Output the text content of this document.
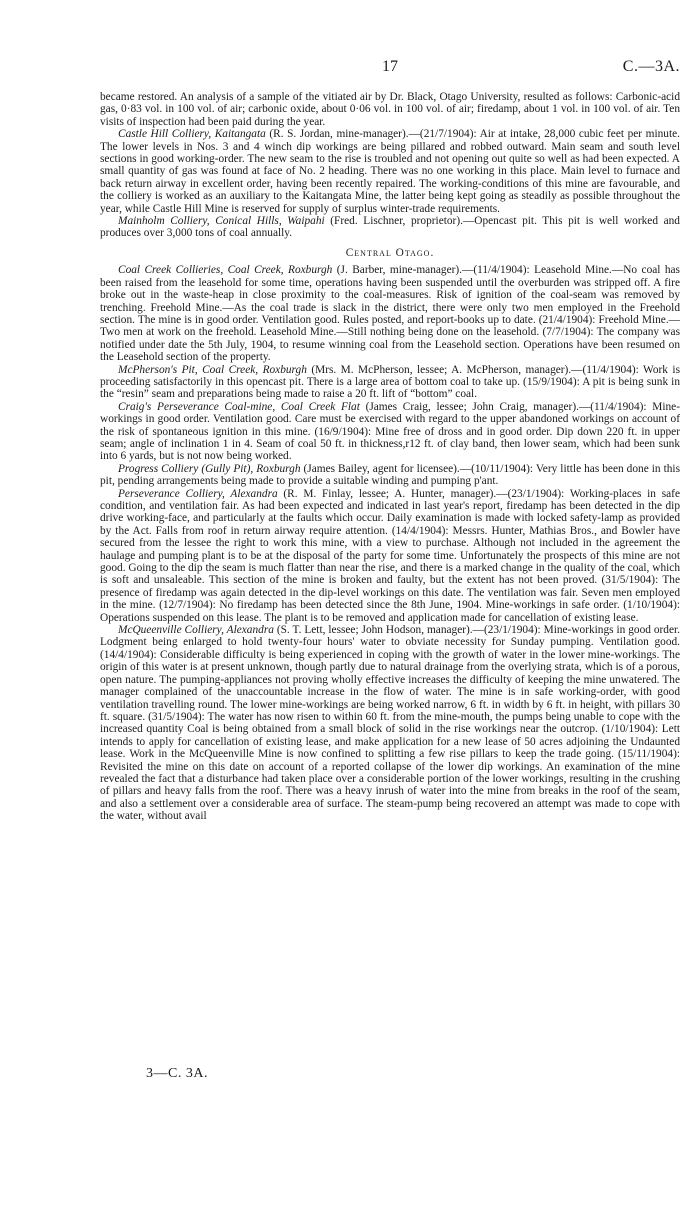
17	C.—3A.

became restored. An analysis of a sample of the vitiated air by Dr. Black, Otago University, resulted as follows: Carbonic-acid gas, 0·83 vol. in 100 vol. of air; carbonic oxide, about 0·06 vol. in 100 vol. of air; firedamp, about 1 vol. in 100 vol. of air. Ten visits of inspection had been paid during the year.

Castle Hill Colliery, Kaitangata (R. S. Jordan, mine-manager).—(21/7/1904): Air at intake, 28,000 cubic feet per minute. The lower levels in Nos. 3 and 4 winch dip workings are being pillared and robbed outward. Main seam and south level sections in good working-order. The new seam to the rise is troubled and not opening out quite so well as had been expected. A small quantity of gas was found at face of No. 2 heading. There was no one working in this place. Main level to furnace and back return airway in excellent order, having been recently repaired. The working-conditions of this mine are favourable, and the colliery is worked as an auxiliary to the Kaitangata Mine, the latter being kept going as steadily as possible throughout the year, while Castle Hill Mine is reserved for supply of surplus winter-trade requirements.

Mainholm Colliery, Conical Hills, Waipahi (Fred. Lischner, proprietor).—Opencast pit. This pit is well worked and produces over 3,000 tons of coal annually.

Central Otago.

Coal Creek Collieries, Coal Creek, Roxburgh (J. Barber, mine-manager).—(11/4/1904): Leasehold Mine.—No coal has been raised from the leasehold for some time, operations having been suspended until the overburden was stripped off. A fire broke out in the waste-heap in close proximity to the coal-measures. Risk of ignition of the coal-seam was removed by trenching. Freehold Mine.—As the coal trade is slack in the district, there were only two men employed in the Freehold section. The mine is in good order. Ventilation good. Rules posted, and report-books up to date. (21/4/1904): Freehold Mine.—Two men at work on the freehold. Leasehold Mine.—Still nothing being done on the leasehold. (7/7/1904): The company was notified under date the 5th July, 1904, to resume winning coal from the Leasehold section. Operations have been resumed on the Leasehold section of the property.

McPherson's Pit, Coal Creek, Roxburgh (Mrs. M. McPherson, lessee; A. McPherson, manager).—(11/4/1904): Work is proceeding satisfactorily in this opencast pit. There is a large area of bottom coal to take up. (15/9/1904): A pit is being sunk in the “resin” seam and preparations being made to raise a 20 ft. lift of “bottom” coal.

Craig's Perseverance Coal-mine, Coal Creek Flat (James Craig, lessee; John Craig, manager).—(11/4/1904): Mine-workings in good order. Ventilation good. Care must be exercised with regard to the upper abandoned workings on account of the risk of spontaneous ignition in this mine. (16/9/1904): Mine free of dross and in good order. Dip down 220 ft. in upper seam; angle of inclination 1 in 4. Seam of coal 50 ft. in thickness,r12 ft. of clay band, then lower seam, which had been sunk into 6 yards, but is not now being worked.

Progress Colliery (Gully Pit), Roxburgh (James Bailey, agent for licensee).—(10/11/1904): Very little has been done in this pit, pending arrangements being made to provide a suitable winding and pumping p'ant.

Perseverance Colliery, Alexandra (R. M. Finlay, lessee; A. Hunter, manager).—(23/1/1904): Working-places in safe condition, and ventilation fair. As had been expected and indicated in last year's report, firedamp has been detected in the dip drive working-face, and particularly at the faults which occur. Daily examination is made with locked safety-lamp as provided by the Act. Falls from roof in return airway require attention. (14/4/1904): Messrs. Hunter, Mathias Bros., and Bowler have secured from the lessee the right to work this mine, with a view to purchase. Although not included in the agreement the haulage and pumping plant is to be at the disposal of the party for some time. Unfortunately the prospects of this mine are not good. Going to the dip the seam is much flatter than near the rise, and there is a marked change in the quality of the coal, which is soft and unsaleable. This section of the mine is broken and faulty, but the extent has not been proved. (31/5/1904): The presence of firedamp was again detected in the dip-level workings on this date. The ventilation was fair. Seven men employed in the mine. (12/7/1904): No firedamp has been detected since the 8th June, 1904. Mine-workings in safe order. (1/10/1904): Operations suspended on this lease. The plant is to be removed and application made for cancellation of existing lease.

McQueenville Colliery, Alexandra (S. T. Lett, lessee; John Hodson, manager).—(23/1/1904): Mine-workings in good order. Lodgment being enlarged to hold twenty-four hours' water to obviate necessity for Sunday pumping. Ventilation good. (14/4/1904): Considerable difficulty is being experienced in coping with the growth of water in the lower mine-workings. The origin of this water is at present unknown, though partly due to natural drainage from the overlying strata, which is of a porous, open nature. The pumping-appliances not proving wholly effective increases the difficulty of keeping the mine unwatered. The manager complained of the unaccountable increase in the flow of water. The mine is in safe working-order, with good ventilation travelling round. The lower mine-workings are being worked narrow, 6 ft. in width by 6 ft. in height, with pillars 30 ft. square. (31/5/1904): The water has now risen to within 60 ft. from the mine-mouth, the pumps being unable to cope with the increased quantity Coal is being obtained from a small block of solid in the rise workings near the outcrop. (1/10/1904): Lett intends to apply for cancellation of existing lease, and make application for a new lease of 50 acres adjoining the Undaunted lease. Work in the McQueenville Mine is now confined to splitting a few rise pillars to keep the trade going. (15/11/1904): Revisited the mine on this date on account of a reported collapse of the lower dip workings. An examination of the mine revealed the fact that a disturbance had taken place over a considerable portion of the lower workings, resulting in the crushing of pillars and heavy falls from the roof. There was a heavy inrush of water into the mine from breaks in the roof of the seam, and also a settlement over a considerable area of surface. The steam-pump being recovered an attempt was made to cope with the water, without avail

3—C. 3A.
